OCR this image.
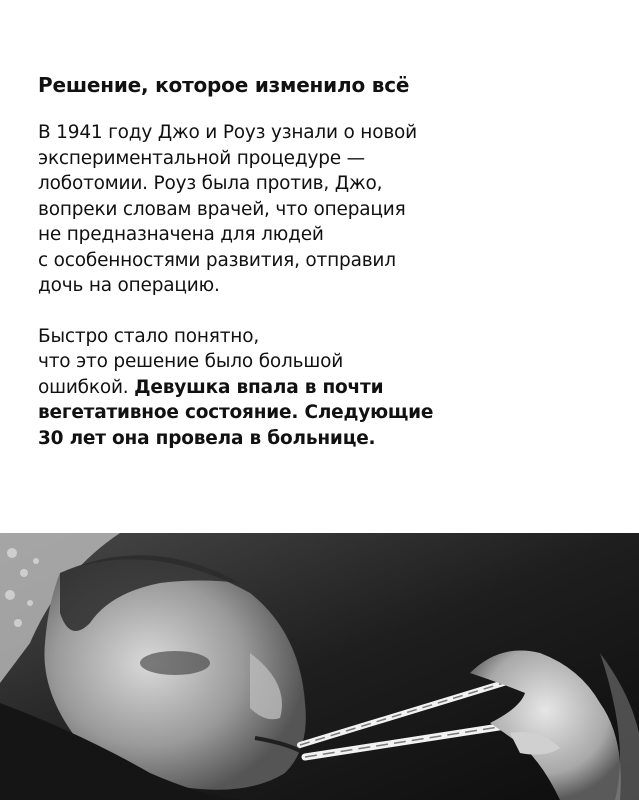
Решение, которое изменило всё

В 1941 году Джо и Роуз узнали о новой
экспериментальной процедуре —
лоботомии. Роуз была против, Джо,
вопреки словам врачей, что операция
не предназначена для людей
с особенностями развития, отправил
дочь на операцию.

Быстро стало понятно,
что это решение было большой
ошибкой. Девушка впала в почти
вегетативное состояние. Следующие
30 лет она провела в больнице.
